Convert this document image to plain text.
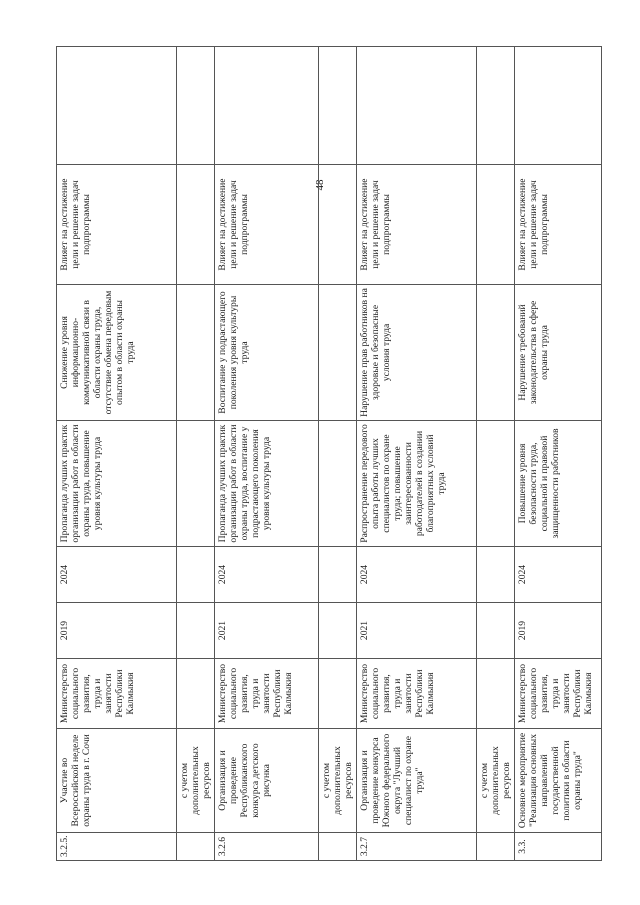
48
3.2.5.	Участие во Всероссийской неделе охраны труда в г. Сочи	Министерство социального развития, труда и занятости Республики Калмыкия	2019	2024	Пропаганда лучших практик организации работ в области охраны труда, повышение уровня культуры труда	Снижение уровня информационно-коммуникативной связи в области охраны труда, отсутствие обмена передовым опытом в области охраны труда	Влияет на достижение цели и решение задач подпрограммы	
	с учетом дополнительных ресурсов							
3.2.6	Организация и проведение Республиканского конкурса детского рисунка	Министерство социального развития, труда и занятости Республики Калмыкия	2021	2024	Пропаганда лучших практик организации работ в области охраны труда, воспитание у подрастающего поколения уровня культуры труда	Воспитание у подрастающего поколения уровня культуры труда	Влияет на достижение цели и решение задач подпрограммы	
	с учетом дополнительных ресурсов							
3.2.7	Организация и проведение конкурса Южного федерального округа "Лучший специалист по охране труда"	Министерство социального развития, труда и занятости Республики Калмыкия	2021	2024	Распространение передового опыта работы лучших специалистов по охране труда; повышение заинтересованности работодателей в создании благоприятных условий труда	Нарушение прав работников на здоровые и безопасные условия труда	Влияет на достижение цели и решение задач подпрограммы	
	с учетом дополнительных ресурсов							
3.3.	Основное мероприятие "Реализация основных направлений государственной политики в области охраны труда"	Министерство социального развития, труда и занятости Республики Калмыкия	2019	2024	Повышение уровня безопасности труда, социальной и правовой защищенности работников	Нарушение требований законодательства в сфере охраны труда	Влияет на достижение цели и решение задач подпрограммы	
